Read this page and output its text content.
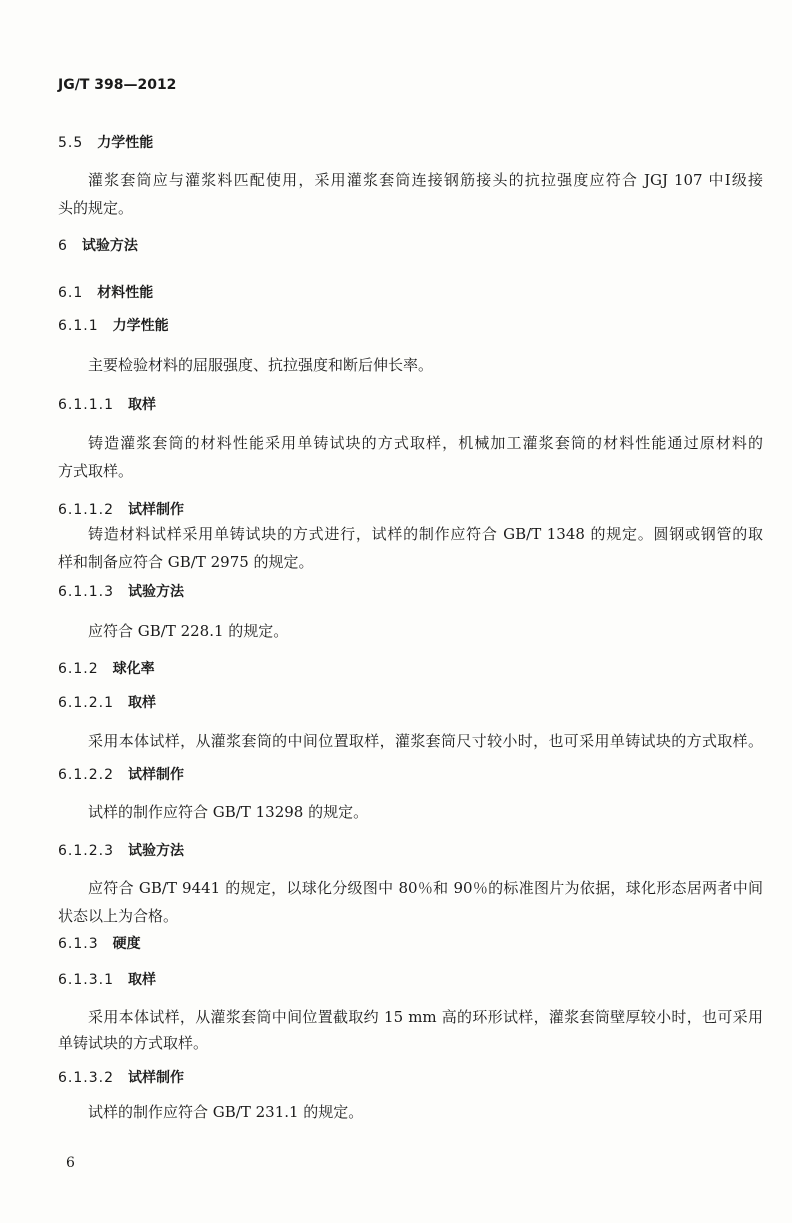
JG/T 398—2012
5.5 力学性能
灌浆套筒应与灌浆料匹配使用，采用灌浆套筒连接钢筋接头的抗拉强度应符合 JGJ 107 中Ⅰ级接
头的规定。
6 试验方法
6.1 材料性能
6.1.1 力学性能
主要检验材料的屈服强度、抗拉强度和断后伸长率。
6.1.1.1 取样
铸造灌浆套筒的材料性能采用单铸试块的方式取样，机械加工灌浆套筒的材料性能通过原材料的
方式取样。
6.1.1.2 试样制作
铸造材料试样采用单铸试块的方式进行，试样的制作应符合 GB/T 1348 的规定。圆钢或钢管的取
样和制备应符合 GB/T 2975 的规定。
6.1.1.3 试验方法
应符合 GB/T 228.1 的规定。
6.1.2 球化率
6.1.2.1 取样
采用本体试样，从灌浆套筒的中间位置取样，灌浆套筒尺寸较小时，也可采用单铸试块的方式取样。
6.1.2.2 试样制作
试样的制作应符合 GB/T 13298 的规定。
6.1.2.3 试验方法
应符合 GB/T 9441 的规定，以球化分级图中 80％和 90％的标准图片为依据，球化形态居两者中间
状态以上为合格。
6.1.3 硬度
6.1.3.1 取样
采用本体试样，从灌浆套筒中间位置截取约 15 mm 高的环形试样，灌浆套筒壁厚较小时，也可采用
单铸试块的方式取样。
6.1.3.2 试样制作
试样的制作应符合 GB/T 231.1 的规定。
6
